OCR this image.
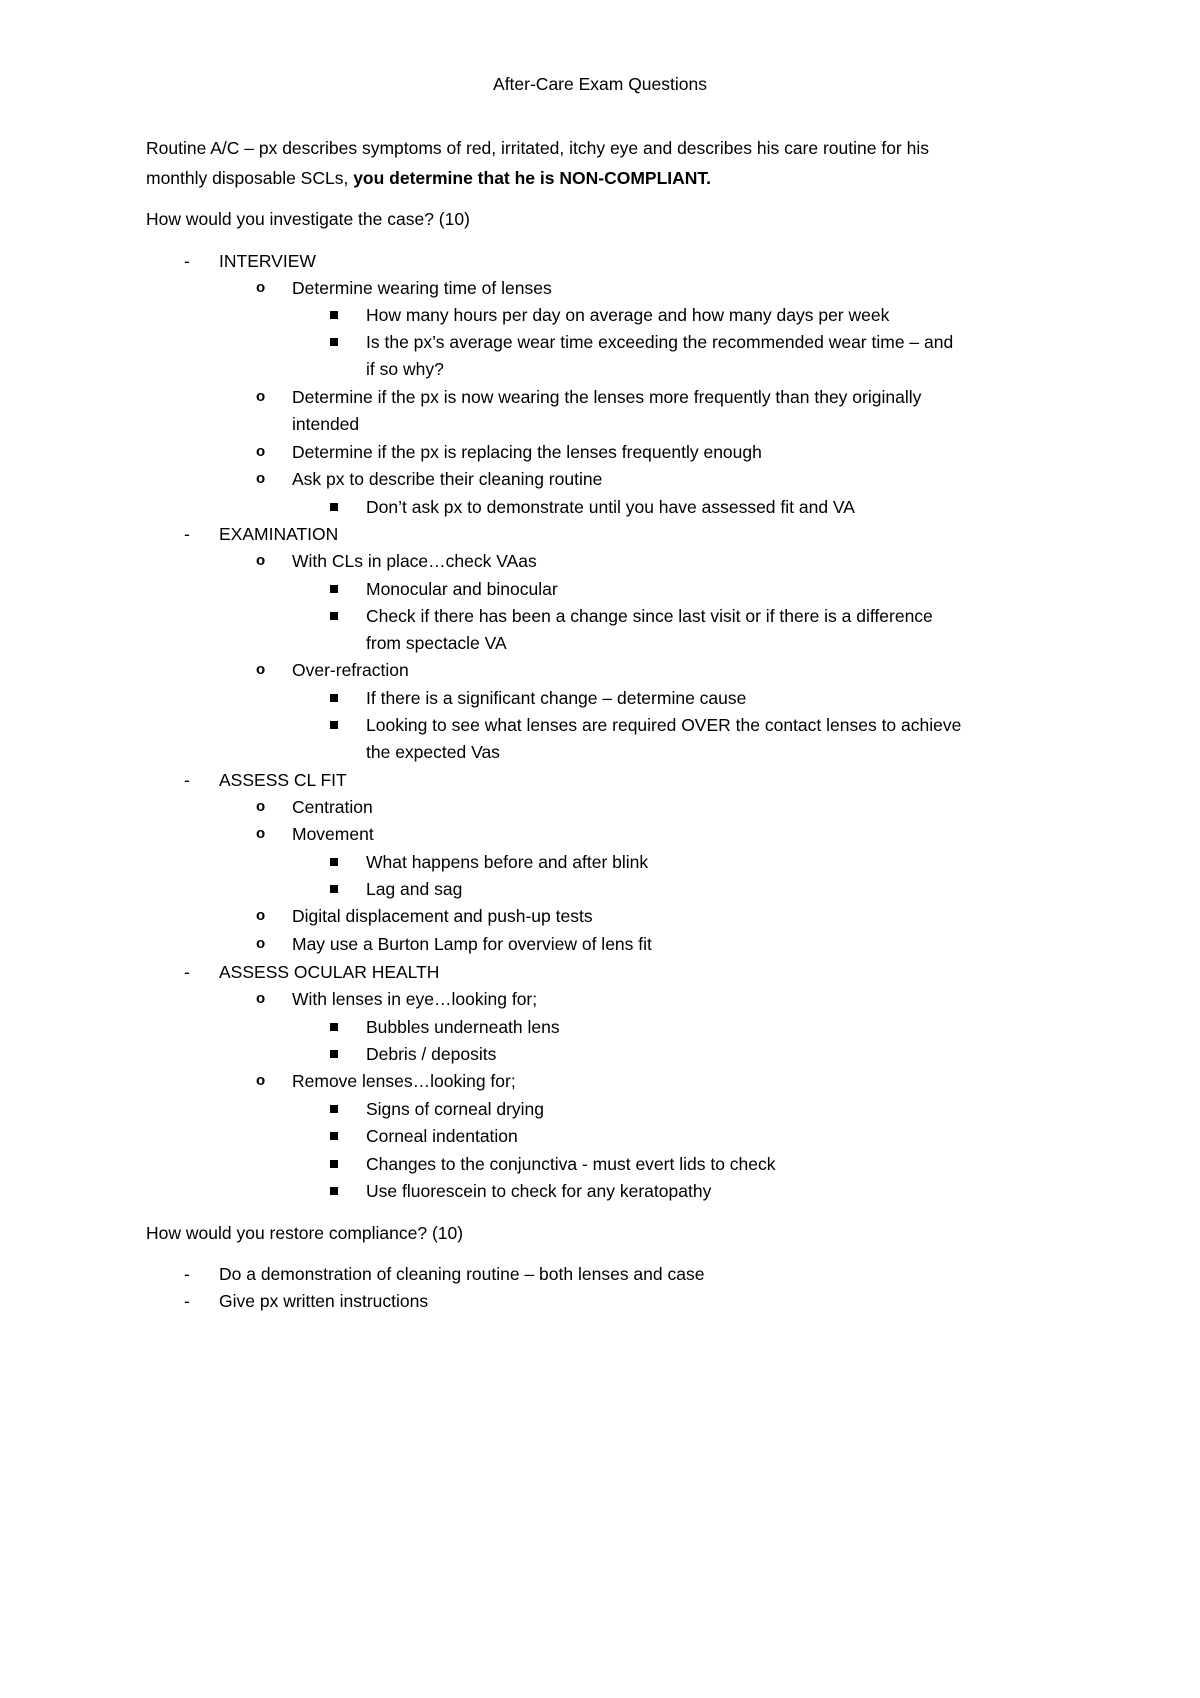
After-Care Exam Questions
Routine A/C – px describes symptoms of red, irritated, itchy eye and describes his care routine for his
monthly disposable SCLs, you determine that he is NON-COMPLIANT.
How would you investigate the case? (10)
- INTERVIEW
o Determine wearing time of lenses
How many hours per day on average and how many days per week
Is the px’s average wear time exceeding the recommended wear time – and
if so why?
o Determine if the px is now wearing the lenses more frequently than they originally
intended
o Determine if the px is replacing the lenses frequently enough
o Ask px to describe their cleaning routine
Don’t ask px to demonstrate until you have assessed fit and VA
- EXAMINATION
o With CLs in place…check VAas
Monocular and binocular
Check if there has been a change since last visit or if there is a difference
from spectacle VA
o Over-refraction
If there is a significant change – determine cause
Looking to see what lenses are required OVER the contact lenses to achieve
the expected Vas
- ASSESS CL FIT
o Centration
o Movement
What happens before and after blink
Lag and sag
o Digital displacement and push-up tests
o May use a Burton Lamp for overview of lens fit
- ASSESS OCULAR HEALTH
o With lenses in eye…looking for;
Bubbles underneath lens
Debris / deposits
o Remove lenses…looking for;
Signs of corneal drying
Corneal indentation
Changes to the conjunctiva - must evert lids to check
Use fluorescein to check for any keratopathy
How would you restore compliance? (10)
- Do a demonstration of cleaning routine – both lenses and case
- Give px written instructions
